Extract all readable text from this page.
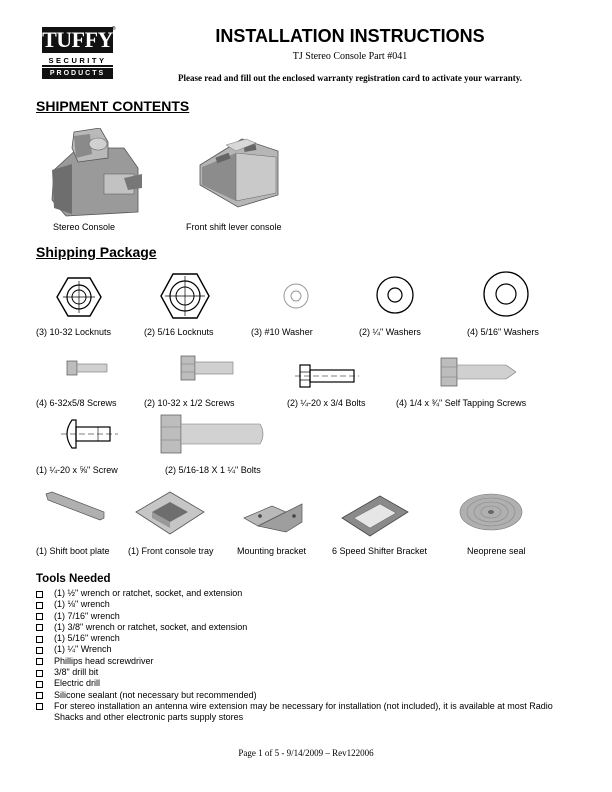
TUFFY ®
SECURITY
PRODUCTS
INSTALLATION INSTRUCTIONS
TJ Stereo Console Part #041
Please read and fill out the enclosed warranty registration card to activate your warranty.
SHIPMENT CONTENTS
Stereo Console	Front shift lever console
Shipping Package
(3) 10-32 Locknuts	(2) 5/16 Locknuts	(3) #10 Washer	(2) ¼" Washers	(4) 5/16" Washers
(4) 6-32x5/8 Screws	(2) 10-32 x 1/2 Screws	(2) ¼-20 x 3/4 Bolts	(4) 1/4 x ¾" Self Tapping Screws
(1) ¼-20 x ⅝" Screw	(2) 5/16-18 X 1 ¼" Bolts
(1) Shift boot plate (1) Front console tray	Mounting bracket	6 Speed Shifter Bracket	Neoprene seal
Tools Needed
(1) ½" wrench or ratchet, socket, and extension
(1) ⅛" wrench
(1) 7/16" wrench
(1) 3/8" wrench or ratchet, socket, and extension
(1) 5/16" wrench
(1) ¼" Wrench
Phillips head screwdriver
3/8" drill bit
Electric drill
Silicone sealant (not necessary but recommended)
For stereo installation an antenna wire extension may be necessary for installation (not included), it is available at most Radio Shacks and other electronic parts supply stores
Page 1 of 5 - 9/14/2009 – Rev122006
